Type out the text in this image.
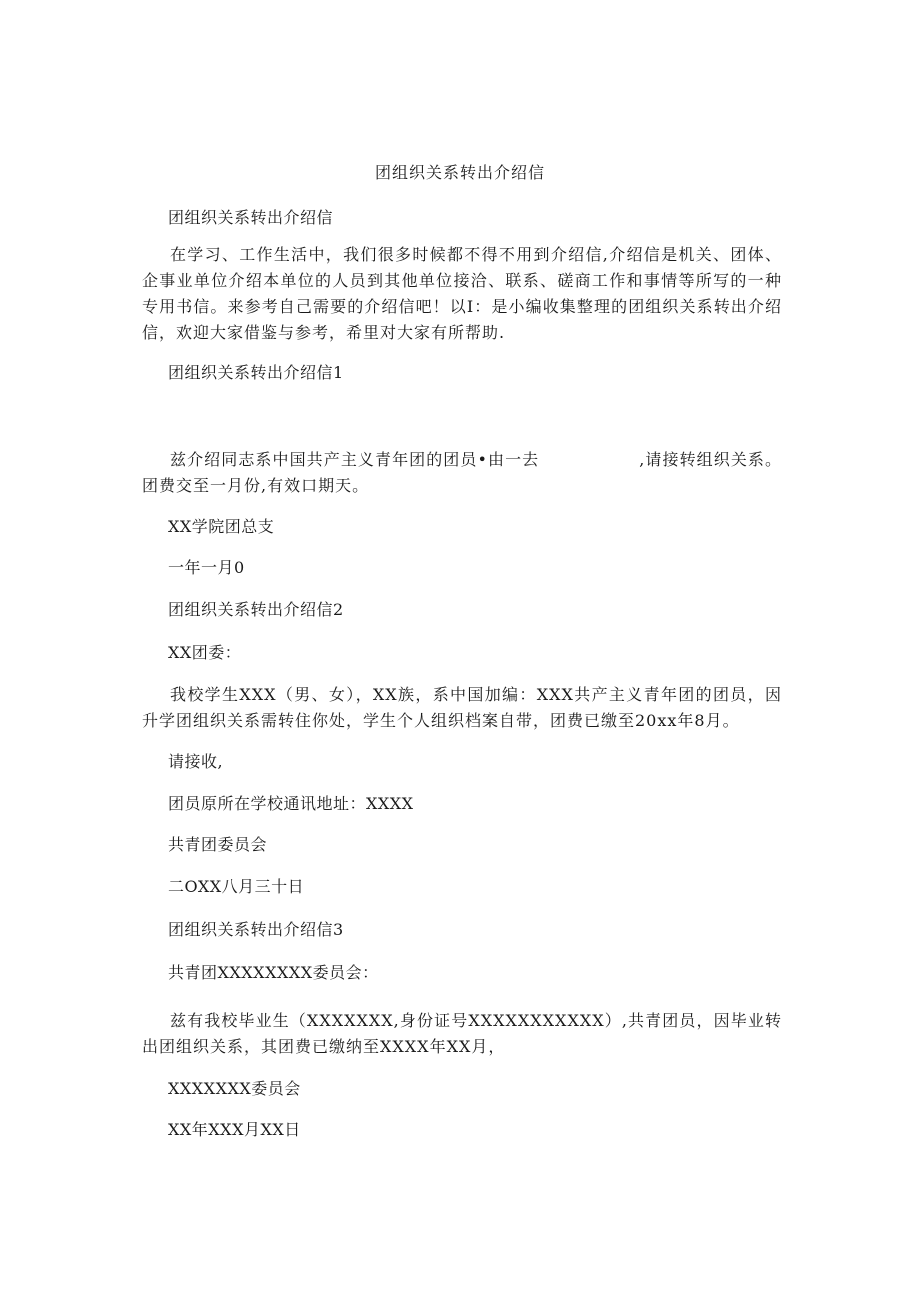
团组织关系转出介绍信
团组织关系转出介绍信
在学习、工作生活中，我们很多时候都不得不用到介绍信,介绍信是机关、团体、企事业单位介绍本单位的人员到其他单位接洽、联系、磋商工作和事情等所写的一种专用书信。来参考自己需要的介绍信吧！以I：是小编收集整理的团组织关系转出介绍信，欢迎大家借鉴与参考，希里对大家有所帮助.
团组织关系转出介绍信1
兹介绍同志系中国共产主义青年团的团员•由一去	,请接转组织关系。团费交至一月份,有效口期天。
XX学院团总支
一年一月0
团组织关系转出介绍信2
XX团委：
我校学生XXX（男、女），XX族，系中国加编：XXX共产主义青年团的团员，因升学团组织关系需转住你处，学生个人组织档案自带，团费已缴至20xx年8月。
请接收,
团员原所在学校通讯地址：XXXX
共青团委员会
二OXX八月三十日
团组织关系转出介绍信3
共青团XXXXXXXX委员会：
兹有我校毕业生（XXXXXXX,身份证号XXXXXXXXXXX）,共青团员，因毕业转出团组织关系，其团费已缴纳至XXXX年XX月，
XXXXXXX委员会
XX年XXX月XX日
